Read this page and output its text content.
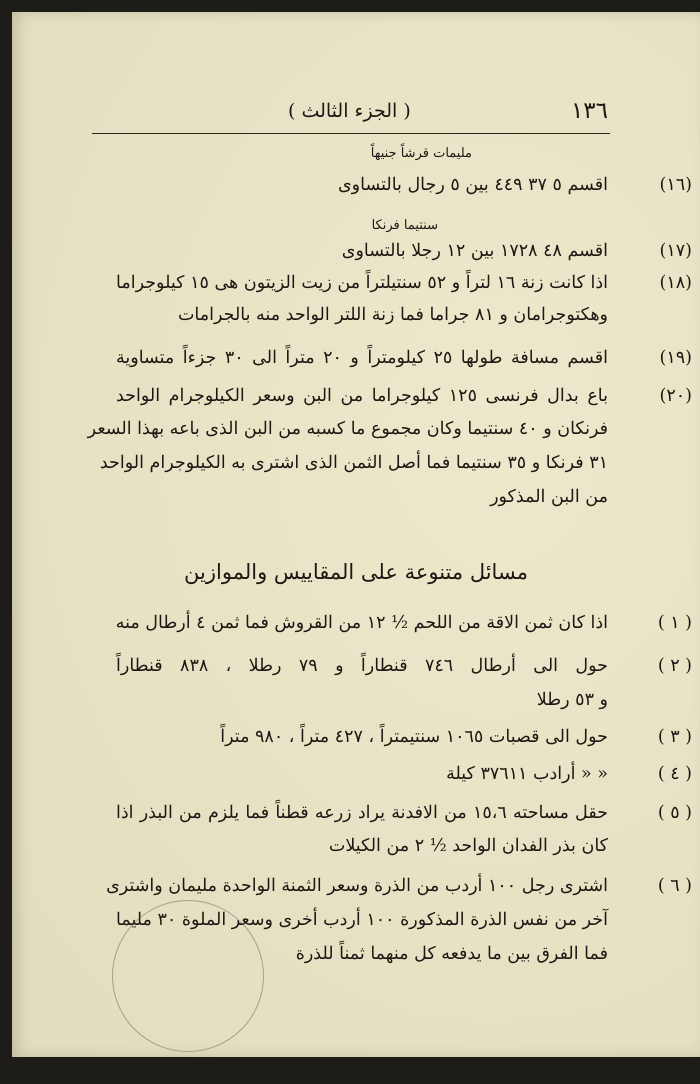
١٣٦
( الجزء الثالث )
مليمات قرشاً جنيهاً
(١٦)
اقسم ٥ ٣٧ ٤٤٩ بين ٥ رجال بالتساوى
سنتيما فرنكا
(١٧)
اقسم ٤٨ ١٧٢٨ بين ١٢ رجلا بالتساوى
(١٨)
اذا كانت زنة ١٦ لتراً و ٥٢ سنتيلتراً من زيت الزيتون هى ١٥ كيلوجراما
وهكتوجرامان و ٨١ جراما فما زنة اللتر الواحد منه بالجرامات
(١٩)
اقسم مسافة طولها ٢٥ كيلومتراً و ٢٠ متراً الى ٣٠ جزءاً متساوية
(٢٠)
باع بدال فرنسى ١٢٥ كيلوجراما من البن وسعر الكيلوجرام الواحد
فرنكان و ٤٠ سنتيما وكان مجموع ما كسبه من البن الذى باعه بهذا السعر
٣١ فرنكا و ٣٥ سنتيما فما أصل الثمن الذى اشترى به الكيلوجرام الواحد
من البن المذكور
مسائل متنوعة على المقاييس والموازين
( ١ )
اذا كان ثمن الاقة من اللحم ½ ١٢ من القروش فما ثمن ٤ أرطال منه
( ٢ )
حول الى أرطال ٧٤٦ قنطاراً و ٧٩ رطلا ، ٨٣٨ قنطاراً
و ٥٣ رطلا
( ٣ )
حول الى قصبات ١٠٦٥ سنتيمتراً ، ٤٢٧ متراً ، ٩٨٠ متراً
( ٤ )
« « أرادب ٣٧٦١١ كيلة
( ٥ )
حقل مساحته ١٥،٦ من الافدنة يراد زرعه قطناً فما يلزم من البذر اذا
كان بذر الفدان الواحد ½ ٢ من الكيلات
( ٦ )
اشترى رجل ١٠٠ أردب من الذرة وسعر الثمنة الواحدة مليمان واشترى
آخر من نفس الذرة المذكورة ١٠٠ أردب أخرى وسعر الملوة ٣٠ مليما
فما الفرق بين ما يدفعه كل منهما ثمناً للذرة
